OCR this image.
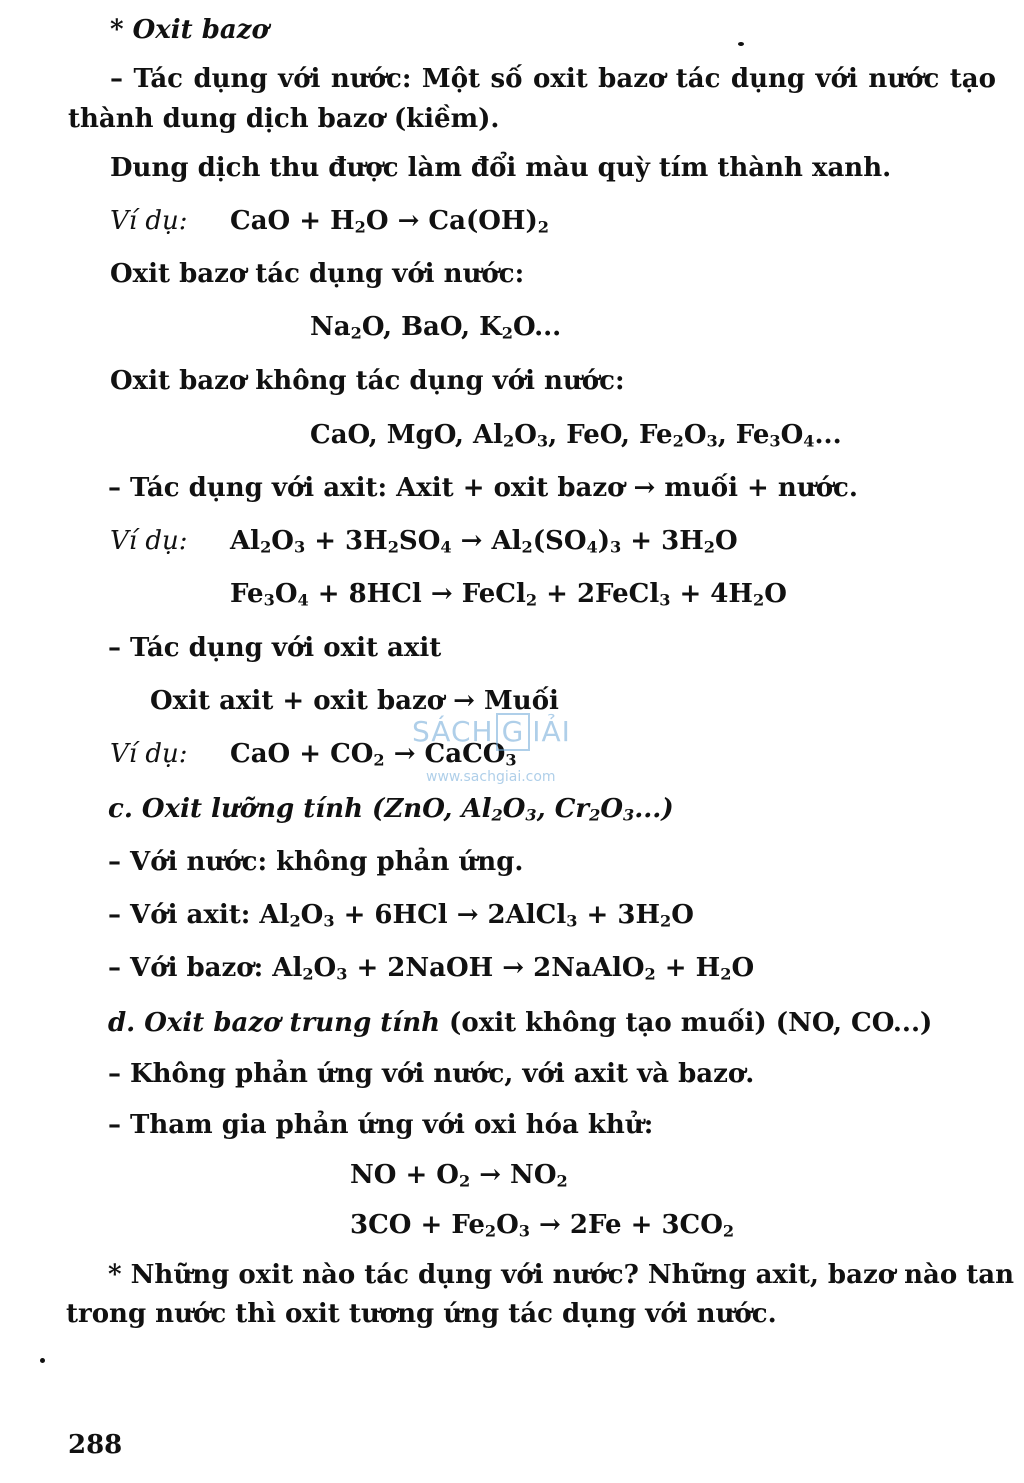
* Oxit bazơ
– Tác dụng với nước: Một số oxit bazơ tác dụng với nước tạo
thành dung dịch bazơ (kiềm).
Dung dịch thu được làm đổi màu quỳ tím thành xanh.
Ví dụ: CaO + $H_2O \to Ca(OH)_2$
Oxit bazơ tác dụng với nước:
$Na_2O$, BaO, $K_2O$...
Oxit bazơ không tác dụng với nước:
CaO, MgO, $Al_2O_3$, FeO, $Fe_2O_3$, $Fe_3O_4$...
– Tác dụng với axit: Axit + oxit bazơ → muối + nước.
Ví dụ: $Al_2O_3 + 3H_2SO_4 \to Al_2(SO_4)_3 + 3H_2O$
$Fe_3O_4 + 8HCl$ → FeCl$_2$ + 2FeCl$_3$ + $4H_2O$
– Tác dụng với oxit axit
Oxit axit + oxit bazơ → Muối
Ví dụ: CaO + $CO_2$ → CaCO$_3$
SÁCH G IẢI
www.sachgiai.com
c. Oxit lưỡng tính (ZnO, $Al_2O_3$, $Cr_2O_3$...)
– Với nước: không phản ứng.
– Với axit: $Al_2O_3 + 6HCl$ → 2AlCl$_3$ + $3H_2O$
– Với bazơ: $Al_2O_3$ + 2NaOH → 2NaAlO$_2$ + $H_2O$
d. Oxit bazơ trung tính (oxit không tạo muối) (NO, CO...)
– Không phản ứng với nước, với axit và bazơ.
– Tham gia phản ứng với oxi hóa khử:
NO + $O_2 \to NO_2$
$3CO + Fe_2O_3 \to 2Fe + 3CO_2$
* Những oxit nào tác dụng với nước? Những axit, bazơ nào tan
trong nước thì oxit tương ứng tác dụng với nước.
288
